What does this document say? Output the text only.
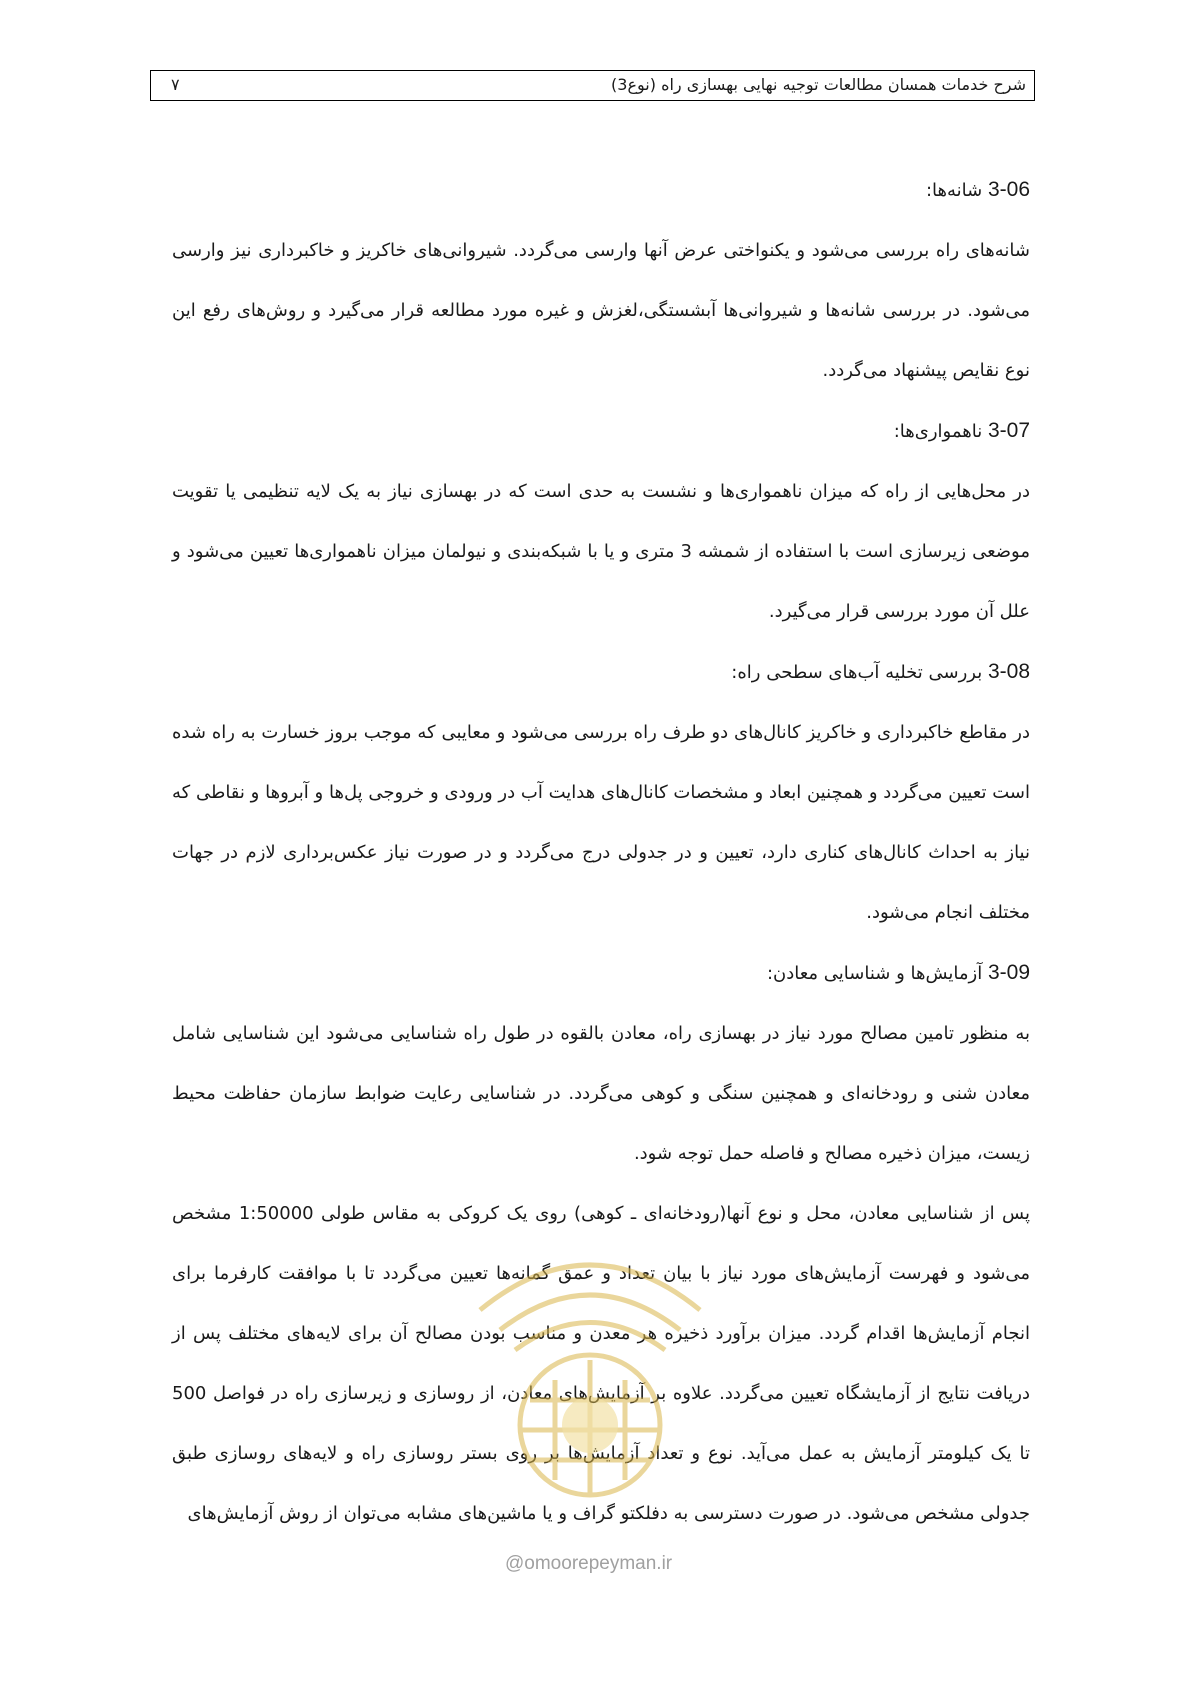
شرح خدمات همسان مطالعات توجیه نهایی بهسازی راه (نوع3)
۷

3-06 شانه‌ها:

شانه‌های راه بررسی می‌شود و یکنواختی عرض آنها وارسی می‌گردد. شیروانی‌های خاکریز و خاکبرداری نیز وارسی می‌شود. در بررسی شانه‌ها و شیروانی‌ها آبشستگی،لغزش و غیره مورد مطالعه قرار می‌گیرد و روش‌های رفع این نوع نقایص پیشنهاد می‌گردد.

3-07 ناهمواری‌ها:

در محل‌هایی از راه که میزان ناهمواری‌ها و نشست به حدی است که در بهسازی نیاز به یک لایه تنظیمی یا تقویت موضعی زیرسازی است با استفاده از شمشه 3 متری و یا با شبکه‌بندی و نیولمان میزان ناهمواری‌ها تعیین می‌شود و علل آن مورد بررسی قرار می‌گیرد.

3-08 بررسی تخلیه آب‌های سطحی راه:

در مقاطع خاکبرداری و خاکریز کانال‌های دو طرف راه بررسی می‌شود و معایبی که موجب بروز خسارت به راه شده است تعیین می‌گردد و همچنین ابعاد و مشخصات کانال‌های هدایت آب در ورودی و خروجی پل‌ها و آبروها و نقاطی که نیاز به احداث کانال‌های کناری دارد، تعیین و در جدولی درج می‌گردد و در صورت نیاز عکس‌برداری لازم در جهات مختلف انجام می‌شود.

3-09 آزمایش‌ها و شناسایی معادن:

به منظور تامین مصالح مورد نیاز در بهسازی راه، معادن بالقوه در طول راه شناسایی می‌شود این شناسایی شامل معادن شنی و رودخانه‌ای و همچنین سنگی و کوهی می‌گردد. در شناسایی رعایت ضوابط سازمان حفاظت محیط زیست، میزان ذخیره مصالح و فاصله حمل توجه شود.

پس از شناسایی معادن، محل و نوع آنها(رودخانه‌ای ـ کوهی) روی یک کروکی به مقاس طولی 1:50000 مشخص می‌شود و فهرست آزمایش‌های مورد نیاز با بیان تعداد و عمق گمانه‌ها تعیین می‌گردد تا با موافقت کارفرما برای انجام آزمایش‌ها اقدام گردد. میزان برآورد ذخیره هر معدن و مناسب بودن مصالح آن برای لایه‌های مختلف پس از دریافت نتایج از آزمایشگاه تعیین می‌گردد. علاوه بر آزمایش‌های معادن، از روسازی و زیرسازی راه در فواصل 500 تا یک کیلومتر آزمایش به عمل می‌آید. نوع و تعداد آزمایش‌ها بر روی بستر روسازی راه و لایه‌های روسازی طبق جدولی مشخص می‌شود. در صورت دسترسی به دفلکتو گراف و یا ماشین‌های مشابه می‌توان از روش آزمایش‌های

@omoorepeyman.ir
